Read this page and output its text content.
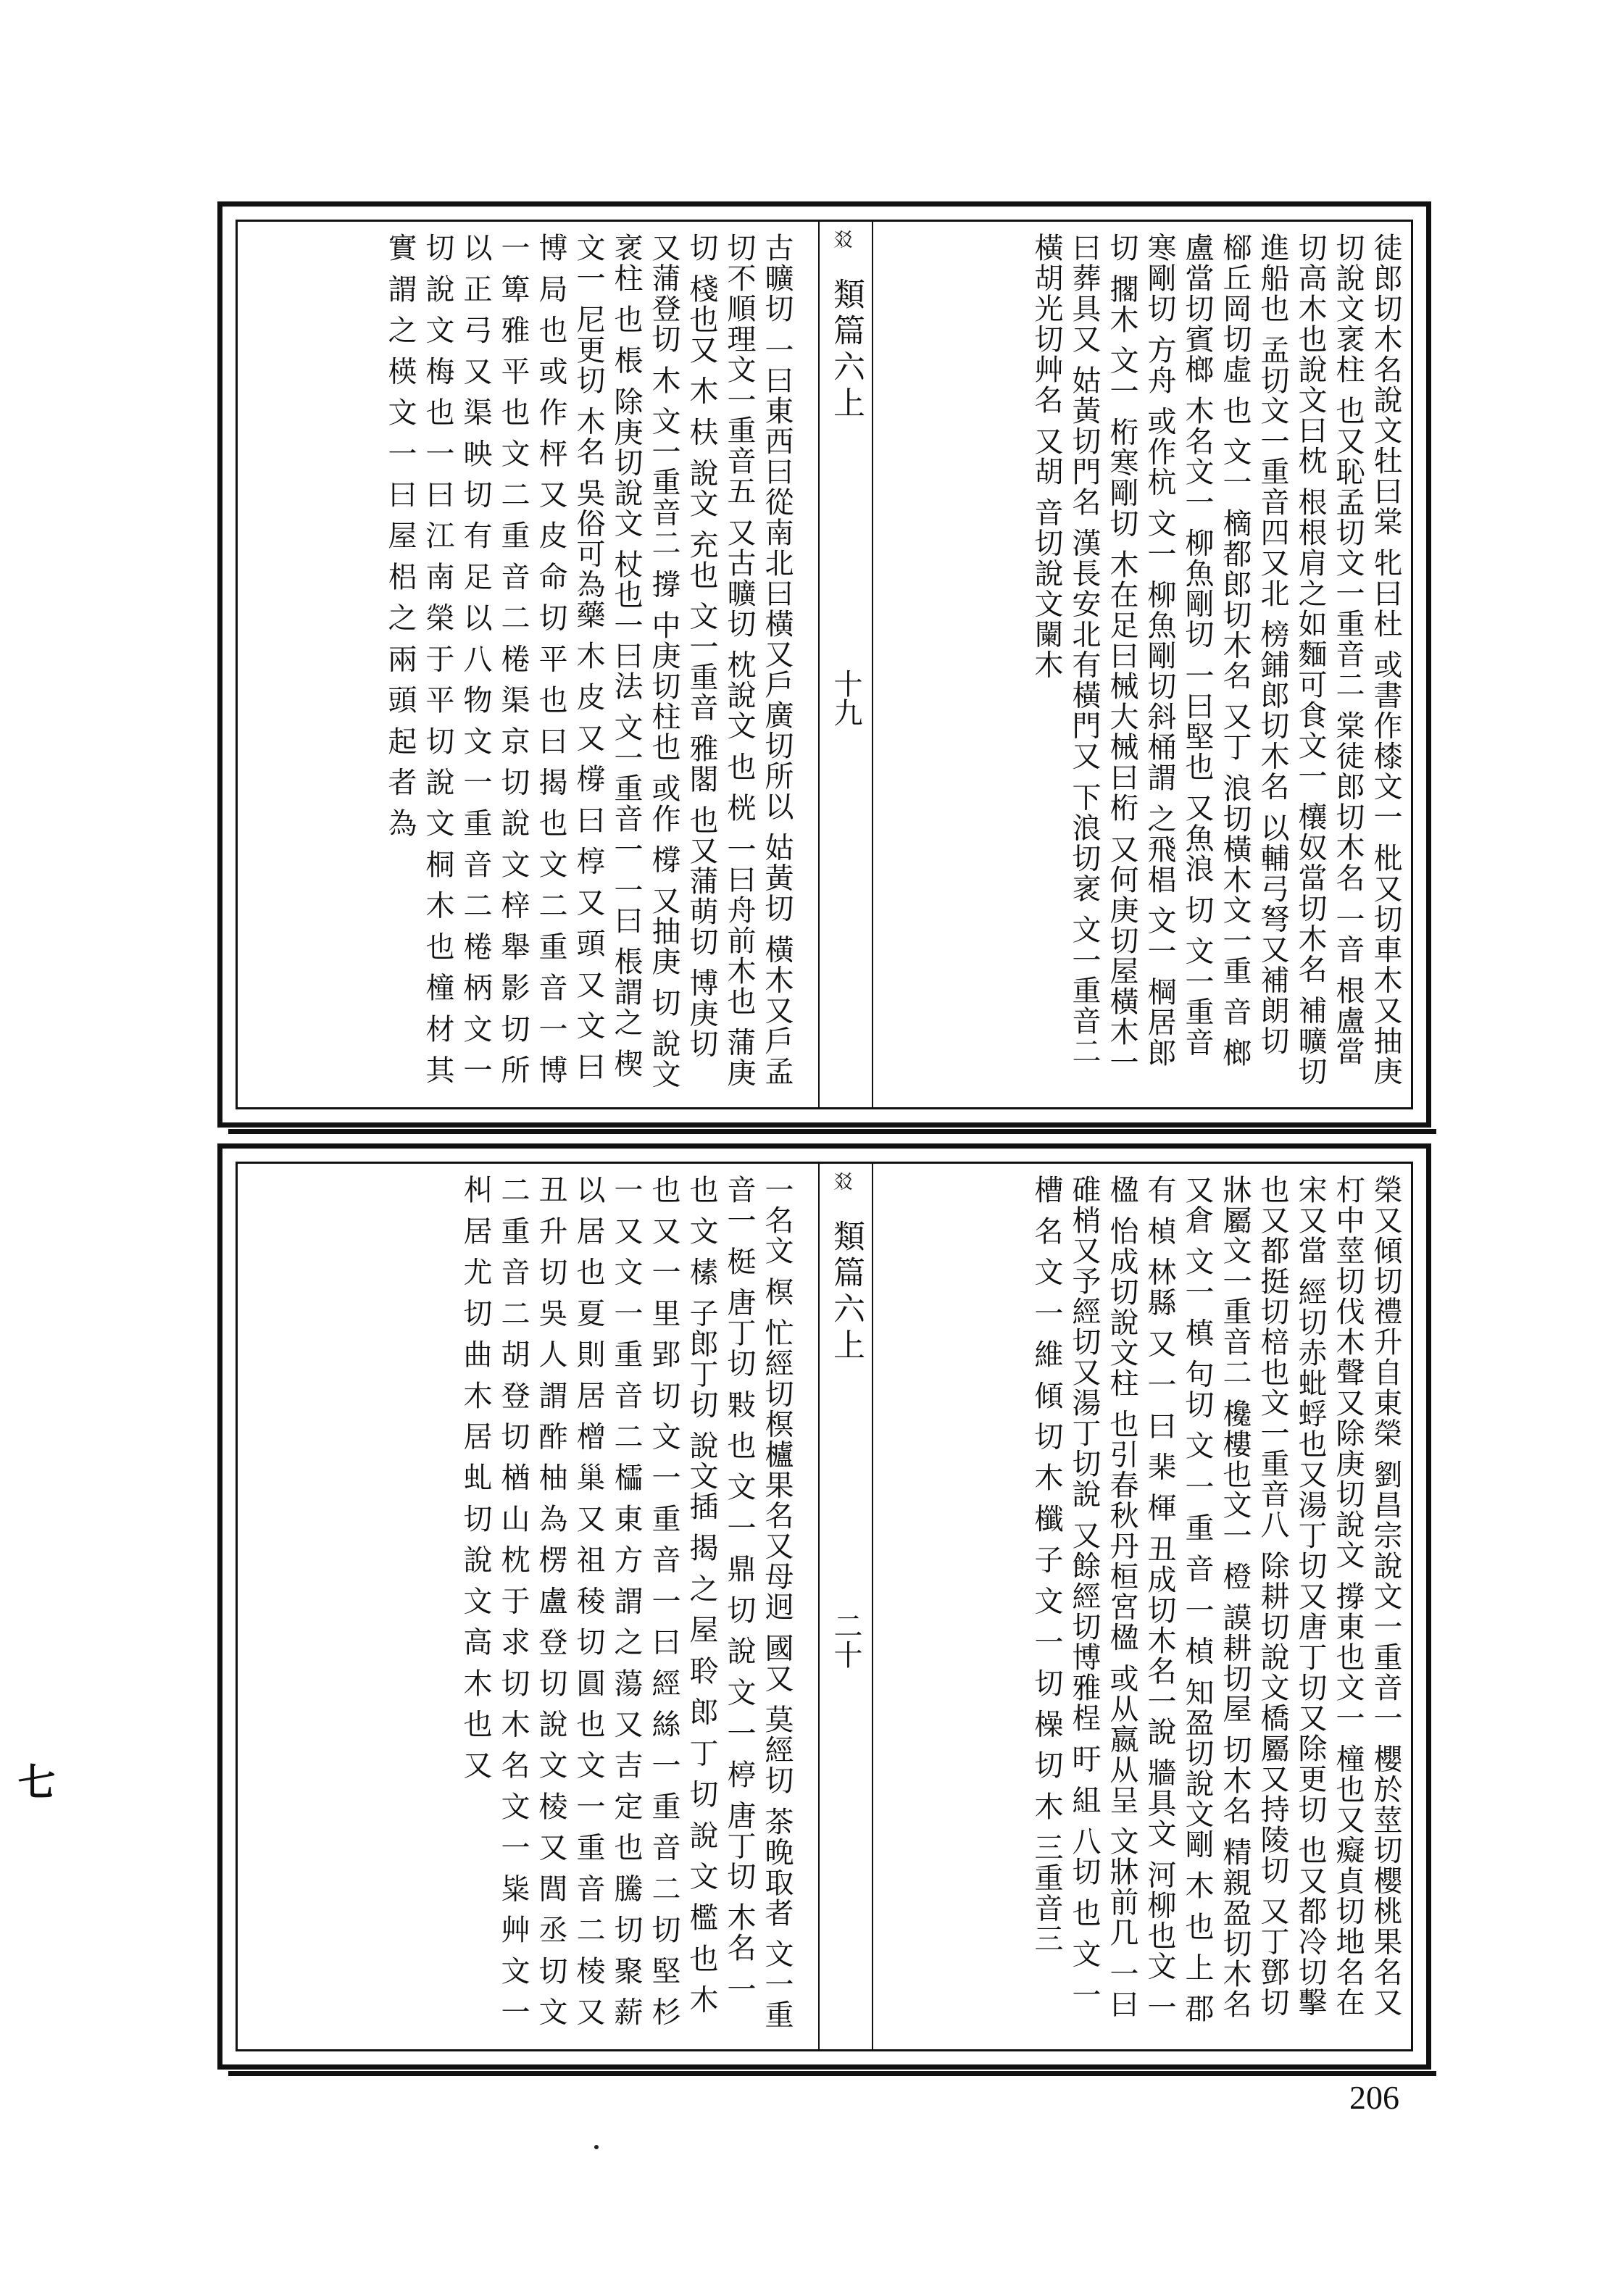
徒郎切木名說文牡曰棠 牝曰杜 或書作㯃文一 枇又切車木又抽庚切說文衺柱 也又恥孟切文一重音二 棠徒郎切木名 一音 根盧當切高木也說文曰枕 根根肩之如麵可食文一 欀奴當切木名 補曠切進船也 孟切文一重音四又北 榜鋪郎切木名 以輔弓弩又補朗切 㮝丘岡切虛 也 文一 樀都郎切木名 又丁 浪切橫木文一重 音 榔盧當切賓榔 木名文一 柳魚剛切 一曰堅也 又魚浪 切 文一重音 寒剛切 方舟 或作杭 文一 柳魚剛切斜桶謂 之飛椙 文一 棡居郎切 擱木 文一 桁寒剛切 木在足曰械大械曰桁 又何庚切屋橫木一曰葬具又 姑黃切門名 漢長安北有橫門又 下浪切衺 文一重音二 橫胡光切艸名 又胡 音切說文闌木
㸚
類篇六上
十九
古曠切 一曰東西曰從南北曰橫又戶廣切所以 姑黃切 橫木又戶孟切不順理文一重音五 又古曠切 枕說文 也 桄 一曰舟前木也 蒲庚切 棧也又 木 枎 說文 充也 文一重音 雅閣 也又蒲萌切 博庚切 又蒲登切 木 文一重音二 撐 中庚切柱也 或作 橕 又抽庚 切 說文 衺柱 也 棖 除庚切說文 杖也一曰法 文一重音一 一曰 棖謂之 楔 文一 尼更切 木名 吳俗可為藥 木 皮 又 橕 曰 椁 又 頭 又 文 曰 博 局 也 或 作 枰 又 皮 命 切 平 也 曰 揭 也 文 二 重 音 一 博 一 箄 雅 平 也 文 二 重 音 二 棬 渠 京 切 說 文 梓 舉 影 切 所 以 正 弓 又 渠 映 切 有 足 以 八 物 文 一 重 音 二 棬 柄 文 一 切 說 文 梅 也 一 曰 江 南 榮 于 平 切 說 文 桐 木 也 橦 材 其 實 謂 之 楧 文 一 曰 屋 梠 之 兩 頭 起 者 為
榮又傾切禮升自東榮 劉昌宗說文一重音一 櫻於莖切櫻桃果名又 朾中莖切伐木聲又除庚切說文 撐東也文一 橦也又癡貞切地名在宋又當 經切赤蚍蜉也又湯丁切又唐丁切又除更切 也又都冷切擊也又都挺切棓也文一重音八 除耕切說文橋屬又持陵切 又丁鄧切牀屬文一重音二 欃樓也文一 橙 謨耕切屋 切木名 精親盈切木名又倉 文一 槙 句切 文 一 重 音 一 楨 知盈切說文剛 木 也 上 郡 有 楨 林縣 又 一 曰 棐 楎 丑成切木名一說 牆具文 河柳也文 一 楹 怡成切說文柱 也引春秋丹桓宮楹 或从嬴从呈 文牀前几 一曰碓梢又予經切又湯丁切說 又餘經切博雅桯 旴 組 八切 也 文 一 槽 名 文 一 維 傾 切 木 櫼 子 文 一 切 橾 切 木 三重音三
㸚
類篇六上
二十
一名文 榠 忙經切榠櫨果名又母迥 國又 莫經切 茶晚取者 文一重音一 梃 唐丁切 敤 也 文 一 鼎 切 說 文 一 楟 唐丁切 木名 一 也 文 榡 子郎丁切 說文插 揭 之 屋 聆 郎 丁 切 說 文 檻 也 木 也 又 一 里 郢 切 文 一 重 音 一 曰 經 絲 一 重 音 二 切 堅 杉 一 又 文 一 重 音 二 櫺 東 方 謂 之 蕩 又 吉 定 也 騰 切 聚 薪 以 居 也 夏 則 居 橧 巢 又 祖 稜 切 圓 也 文 一 重 音 二 棱 又 丑 升 切 吳 人 謂 酢 柚 為 楞 盧 登 切 說 文 棱 又 閭 丞 切 文 二 重 音 二 胡 登 切 楢 山 枕 于 求 切 木 名 文 一 粊 艸 文 一 朻 居 尤 切 曲 木 居 虬 切 說 文 高 木 也 又
七
206
